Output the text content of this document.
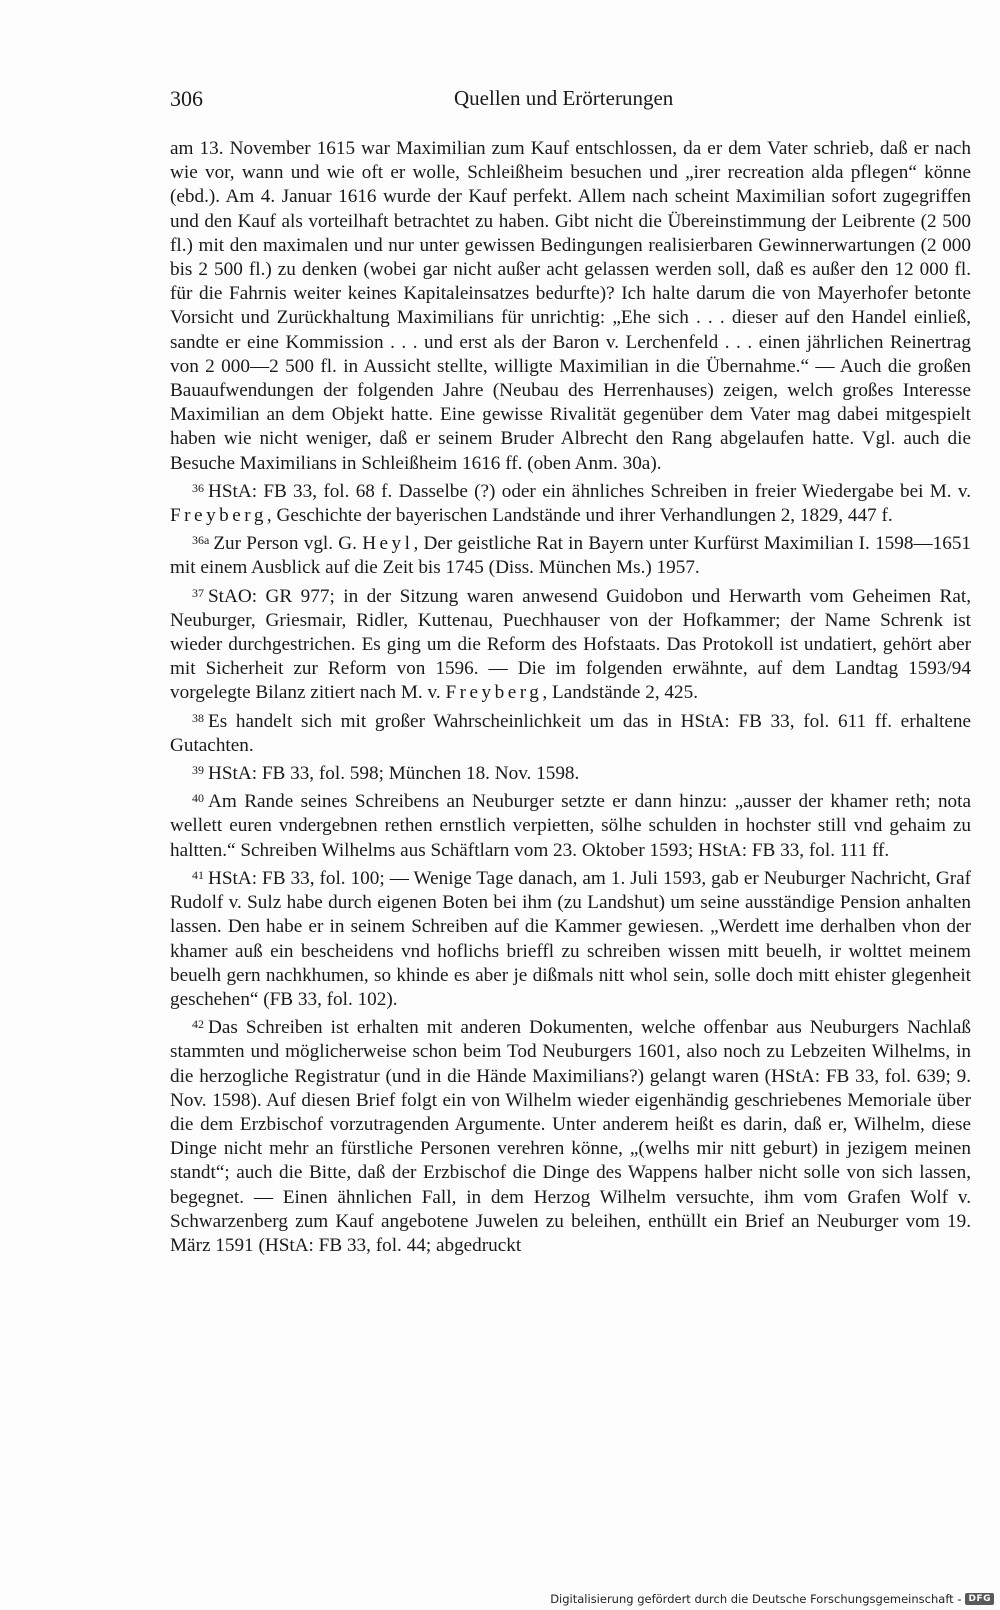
306	Quellen und Erörterungen

am 13. November 1615 war Maximilian zum Kauf entschlossen, da er dem Vater schrieb, daß er nach wie vor, wann und wie oft er wolle, Schleißheim besuchen und „irer recreation alda pflegen“ könne (ebd.). Am 4. Januar 1616 wurde der Kauf perfekt. Allem nach scheint Maximilian sofort zugegriffen und den Kauf als vorteilhaft betrachtet zu haben. Gibt nicht die Übereinstimmung der Leibrente (2 500 fl.) mit den maximalen und nur unter gewissen Bedingungen realisierbaren Gewinnerwartungen (2 000 bis 2 500 fl.) zu denken (wobei gar nicht außer acht gelassen werden soll, daß es außer den 12 000 fl. für die Fahrnis weiter keines Kapitaleinsatzes bedurfte)? Ich halte darum die von Mayerhofer betonte Vorsicht und Zurückhaltung Maximilians für unrichtig: „Ehe sich . . . dieser auf den Handel einließ, sandte er eine Kommission . . . und erst als der Baron v. Lerchenfeld . . . einen jährlichen Reinertrag von 2 000—2 500 fl. in Aussicht stellte, willigte Maximilian in die Übernahme.“ — Auch die großen Bauaufwendungen der folgenden Jahre (Neubau des Herrenhauses) zeigen, welch großes Interesse Maximilian an dem Objekt hatte. Eine gewisse Rivalität gegenüber dem Vater mag dabei mitgespielt haben wie nicht weniger, daß er seinem Bruder Albrecht den Rang abgelaufen hatte. Vgl. auch die Besuche Maximilians in Schleißheim 1616 ff. (oben Anm. 30a).

$^{36}$ HStA: FB 33, fol. 68 f. Dasselbe (?) oder ein ähnliches Schreiben in freier Wiedergabe bei M. v. Freyberg, Geschichte der bayerischen Landstände und ihrer Verhandlungen 2, 1829, 447 f.

$^{36a}$ Zur Person vgl. G. Heyl, Der geistliche Rat in Bayern unter Kurfürst Maximilian I. 1598—1651 mit einem Ausblick auf die Zeit bis 1745 (Diss. München Ms.) 1957.

$^{37}$ StAO: GR 977; in der Sitzung waren anwesend Guidobon und Herwarth vom Geheimen Rat, Neuburger, Griesmair, Ridler, Kuttenau, Puechhauser von der Hofkammer; der Name Schrenk ist wieder durchgestrichen. Es ging um die Reform des Hofstaats. Das Protokoll ist undatiert, gehört aber mit Sicherheit zur Reform von 1596. — Die im folgenden erwähnte, auf dem Landtag 1593/94 vorgelegte Bilanz zitiert nach M. v. Freyberg, Landstände 2, 425.

$^{38}$ Es handelt sich mit großer Wahrscheinlichkeit um das in HStA: FB 33, fol. 611 ff. erhaltene Gutachten.

$^{39}$ HStA: FB 33, fol. 598; München 18. Nov. 1598.

$^{40}$ Am Rande seines Schreibens an Neuburger setzte er dann hinzu: „ausser der khamer reth; nota wellett euren vndergebnen rethen ernstlich verpietten, sölhe schulden in hochster still vnd gehaim zu haltten.“ Schreiben Wilhelms aus Schäftlarn vom 23. Oktober 1593; HStA: FB 33, fol. 111 ff.

$^{41}$ HStA: FB 33, fol. 100; — Wenige Tage danach, am 1. Juli 1593, gab er Neuburger Nachricht, Graf Rudolf v. Sulz habe durch eigenen Boten bei ihm (zu Landshut) um seine ausständige Pension anhalten lassen. Den habe er in seinem Schreiben auf die Kammer gewiesen. „Werdett ime derhalben vhon der khamer auß ein bescheidens vnd hoflichs brieffl zu schreiben wissen mitt beuelh, ir wolttet meinem beuelh gern nachkhumen, so khinde es aber je dißmals nitt whol sein, solle doch mitt ehister glegenheit geschehen“ (FB 33, fol. 102).

$^{42}$ Das Schreiben ist erhalten mit anderen Dokumenten, welche offenbar aus Neuburgers Nachlaß stammten und möglicherweise schon beim Tod Neuburgers 1601, also noch zu Lebzeiten Wilhelms, in die herzogliche Registratur (und in die Hände Maximilians?) gelangt waren (HStA: FB 33, fol. 639; 9. Nov. 1598). Auf diesen Brief folgt ein von Wilhelm wieder eigenhändig geschriebenes Memoriale über die dem Erzbischof vorzutragenden Argumente. Unter anderem heißt es darin, daß er, Wilhelm, diese Dinge nicht mehr an fürstliche Personen verehren könne, „(welhs mir nitt geburt) in jezigem meinen standt“; auch die Bitte, daß der Erzbischof die Dinge des Wappens halber nicht solle von sich lassen, begegnet. — Einen ähnlichen Fall, in dem Herzog Wilhelm versuchte, ihm vom Grafen Wolf v. Schwarzenberg zum Kauf angebotene Juwelen zu beleihen, enthüllt ein Brief an Neuburger vom 19. März 1591 (HStA: FB 33, fol. 44; abgedruckt

Digitalisierung gefördert durch die Deutsche Forschungsgemeinschaft - DFG
